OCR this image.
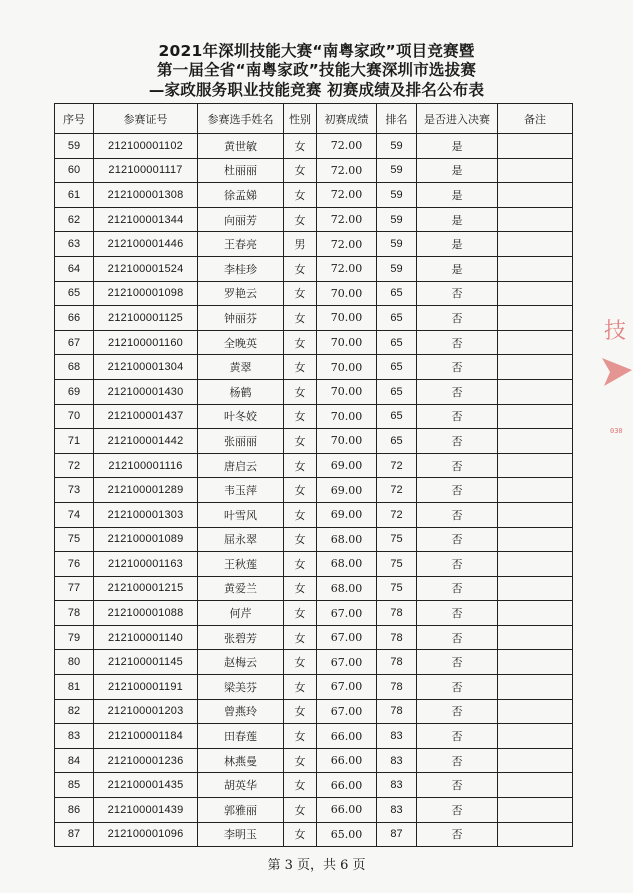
2021年深圳技能大赛“南粤家政”项目竞赛暨
第一届全省“南粤家政”技能大赛深圳市选拔赛
—家政服务职业技能竞赛 初赛成绩及排名公布表
序号	参赛证号	参赛选手姓名	性别	初赛成绩	排名	是否进入决赛	备注
59	212100001102	黄世敏	女	72.00	59	是	
60	212100001117	杜丽丽	女	72.00	59	是	
61	212100001308	徐孟娣	女	72.00	59	是	
62	212100001344	向丽芳	女	72.00	59	是	
63	212100001446	王春亮	男	72.00	59	是	
64	212100001524	李桂珍	女	72.00	59	是	
65	212100001098	罗艳云	女	70.00	65	否	
66	212100001125	钟丽芬	女	70.00	65	否	
67	212100001160	全晚英	女	70.00	65	否	
68	212100001304	黄翠	女	70.00	65	否	
69	212100001430	杨鹤	女	70.00	65	否	
70	212100001437	叶冬姣	女	70.00	65	否	
71	212100001442	张丽丽	女	70.00	65	否	
72	212100001116	唐启云	女	69.00	72	否	
73	212100001289	韦玉萍	女	69.00	72	否	
74	212100001303	叶雪风	女	69.00	72	否	
75	212100001089	屈永翠	女	68.00	75	否	
76	212100001163	王秋莲	女	68.00	75	否	
77	212100001215	黄爱兰	女	68.00	75	否	
78	212100001088	何芹	女	67.00	78	否	
79	212100001140	张碧芳	女	67.00	78	否	
80	212100001145	赵梅云	女	67.00	78	否	
81	212100001191	梁美芬	女	67.00	78	否	
82	212100001203	曾燕玲	女	67.00	78	否	
83	212100001184	田春莲	女	66.00	83	否	
84	212100001236	林燕曼	女	66.00	83	否	
85	212100001435	胡英华	女	66.00	83	否	
86	212100001439	郭雅丽	女	66.00	83	否	
87	212100001096	李明玉	女	65.00	87	否	
第 3 页，共 6 页
技
030
